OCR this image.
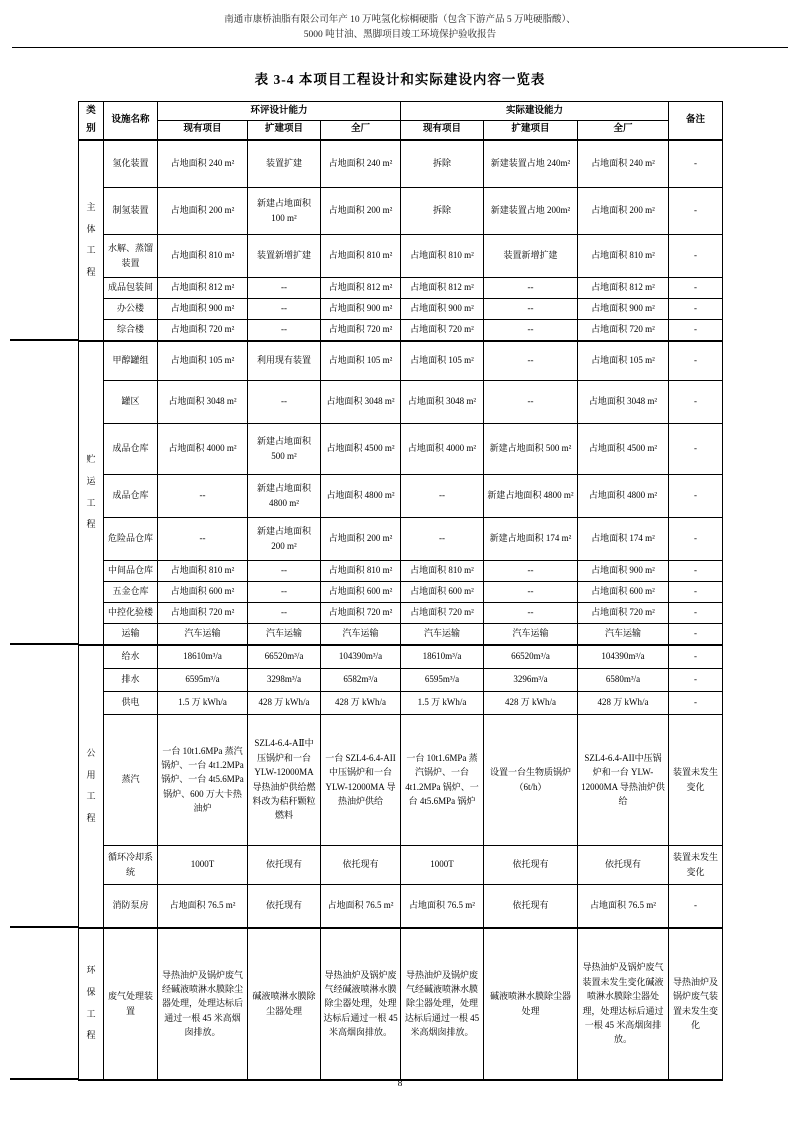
南通市康桥油脂有限公司年产 10 万吨氢化棕榈硬脂（包含下游产品 5 万吨硬脂酸）、
5000 吨甘油、黑脚项目竣工环境保护验收报告
表 3-4 本项目工程设计和实际建设内容一览表
类别	设施名称	环评设计能力			实际建设能力			备注
		现有项目	扩建项目	全厂	现有项目	扩建项目	全厂	

主体工程	氢化装置	占地面积 240 m²	装置扩建	占地面积 240 m²	拆除	新建装置占地 240m²	占地面积 240 m²	-
	制氢装置	占地面积 200 m²	新建占地面积 100 m²	占地面积 200 m²	拆除	新建装置占地 200m²	占地面积 200 m²	-
	水解、蒸馏装置	占地面积 810 m²	装置新增扩建	占地面积 810 m²	占地面积 810 m²	装置新增扩建	占地面积 810 m²	-
	成品包装间	占地面积 812 m²	--	占地面积 812 m²	占地面积 812 m²	--	占地面积 812 m²	-
	办公楼	占地面积 900 m²	--	占地面积 900 m²	占地面积 900 m²	--	占地面积 900 m²	-
	综合楼	占地面积 720 m²	--	占地面积 720 m²	占地面积 720 m²	--	占地面积 720 m²	-

贮运工程	甲醇罐组	占地面积 105 m²	利用现有装置	占地面积 105 m²	占地面积 105 m²	--	占地面积 105 m²	-
	罐区	占地面积 3048 m²	--	占地面积 3048 m²	占地面积 3048 m²	--	占地面积 3048 m²	-
	成品仓库	占地面积 4000 m²	新建占地面积 500 m²	占地面积 4500 m²	占地面积 4000 m²	新建占地面积 500 m²	占地面积 4500 m²	-
	成品仓库	--	新建占地面积 4800 m²	占地面积 4800 m²	--	新建占地面积 4800 m²	占地面积 4800 m²	-
	危险品仓库	--	新建占地面积 200 m²	占地面积 200 m²	--	新建占地面积 174 m²	占地面积 174 m²	-
	中间品仓库	占地面积 810 m²	--	占地面积 810 m²	占地面积 810 m²	--	占地面积 900 m²	-
	五金仓库	占地面积 600 m²	--	占地面积 600 m²	占地面积 600 m²	--	占地面积 600 m²	-
	中控化验楼	占地面积 720 m²	--	占地面积 720 m²	占地面积 720 m²	--	占地面积 720 m²	-
	运输	汽车运输	汽车运输	汽车运输	汽车运输	汽车运输	汽车运输	-

公用工程	给水	18610m³/a	66520m³/a	104390m³/a	18610m³/a	66520m³/a	104390m³/a	-
	排水	6595m³/a	3298m³/a	6582m³/a	6595m³/a	3296m³/a	6580m³/a	-
	供电	1.5 万 kWh/a	428 万 kWh/a	428 万 kWh/a	1.5 万 kWh/a	428 万 kWh/a	428 万 kWh/a	-
	蒸汽	一台 10t1.6MPa 蒸汽锅炉、一台 4t1.2MPa 锅炉、一台 4t5.6MPa 锅炉、600 万大卡热油炉	SZL4-6.4-AⅡ中压锅炉和一台 YLW-12000MA 导热油炉供给燃料改为秸秆颗粒燃料	一台 SZL4-6.4-AII中压锅炉和一台 YLW-12000MA 导热油炉供给	一台 10t1.6MPa 蒸汽锅炉、一台 4t1.2MPa 锅炉、一台 4t5.6MPa 锅炉	设置一台生物质锅炉（6t/h）	SZL4-6.4-AII中压锅炉和一台 YLW-12000MA 导热油炉供给	装置未发生变化
	循环冷却系统	1000T	依托现有	依托现有	1000T	依托现有	依托现有	装置未发生变化
	消防泵房	占地面积 76.5 m²	依托现有	占地面积 76.5 m²	占地面积 76.5 m²	依托现有	占地面积 76.5 m²	-

环保工程	废气处理装置	导热油炉及锅炉废气经碱液喷淋水膜除尘器处理，处理达标后通过一根 45 米高烟囱排放。	碱液喷淋水膜除尘器处理	导热油炉及锅炉废气经碱液喷淋水膜除尘器处理，处理达标后通过一根 45 米高烟囱排放。	导热油炉及锅炉废气经碱液喷淋水膜除尘器处理，处理达标后通过一根 45 米高烟囱排放。	碱液喷淋水膜除尘器处理	导热油炉及锅炉废气装置未发生变化碱液喷淋水膜除尘器处理，处理达标后通过一根 45 米高烟囱排放。	导热油炉及锅炉废气装置未发生变化
8
